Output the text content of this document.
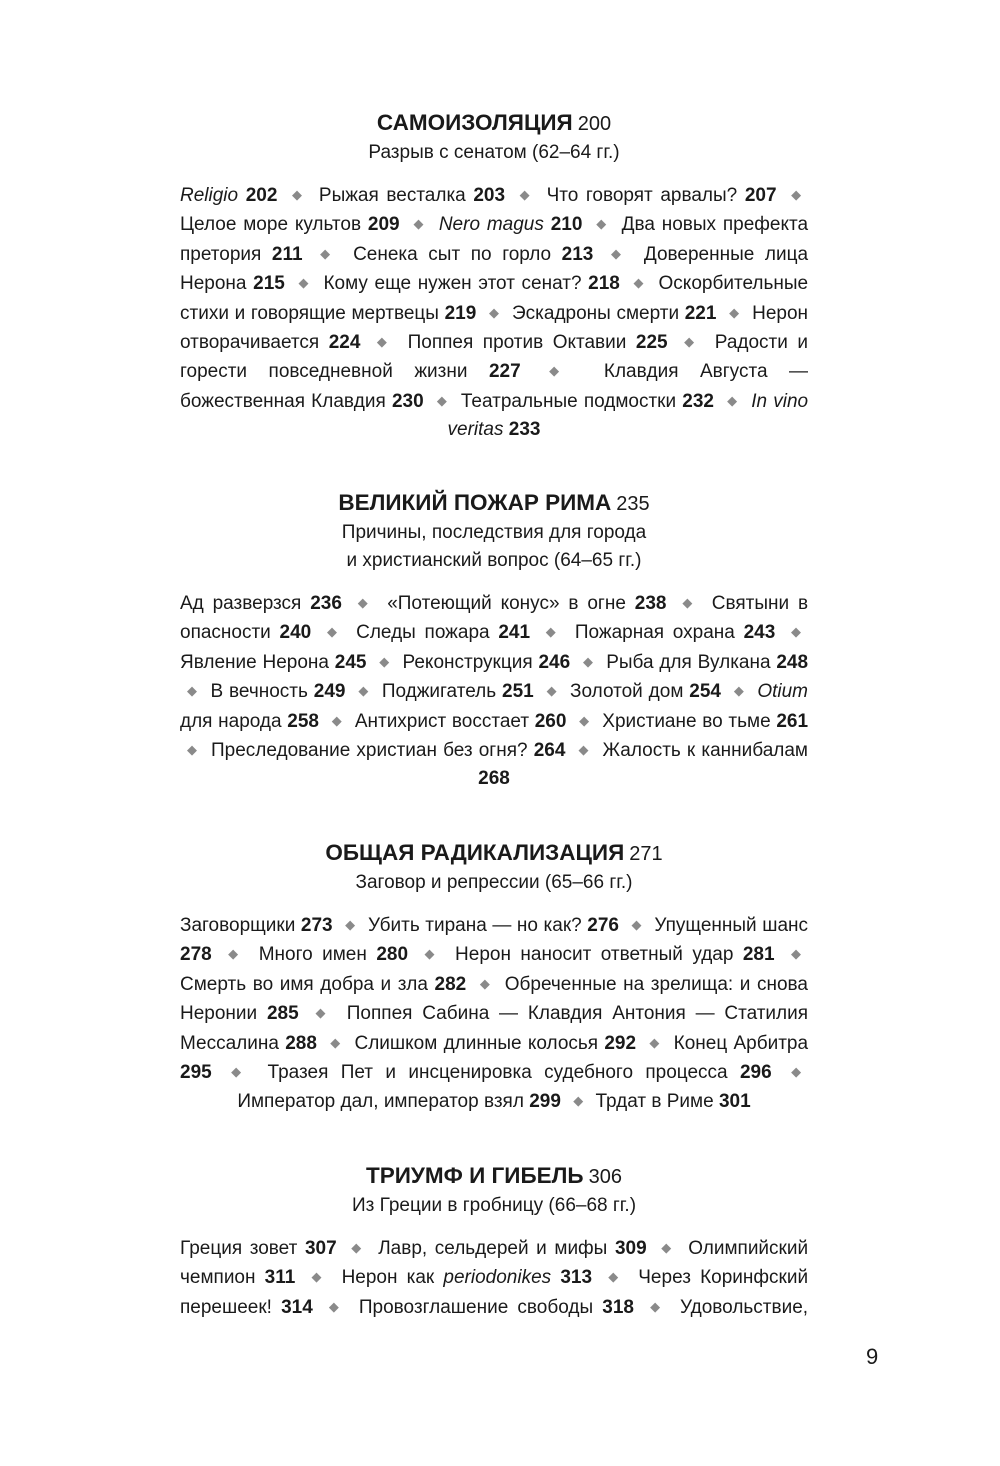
САМОИЗОЛЯЦИЯ 200
Разрыв с сенатом (62–64 гг.)
Religio 202 ◆ Рыжая весталка 203 ◆ Что говорят арвалы? 207 ◆ Целое море культов 209 ◆ Nero magus 210 ◆ Два новых префекта претория 211 ◆ Сенека сыт по горло 213 ◆ Доверенные лица Нерона 215 ◆ Кому еще нужен этот сенат? 218 ◆ Оскорбительные стихи и говорящие мертвецы 219 ◆ Эскадроны смерти 221 ◆ Нерон отворачивается 224 ◆ Поппея против Октавии 225 ◆ Радости и горести повседневной жизни 227 ◆ Клавдия Августа — божественная Клавдия 230 ◆ Театральные подмостки 232 ◆ In vino veritas 233
ВЕЛИКИЙ ПОЖАР РИМА 235
Причины, последствия для города
и христианский вопрос (64–65 гг.)
Ад разверзся 236 ◆ «Потеющий конус» в огне 238 ◆ Святыни в опасности 240 ◆ Следы пожара 241 ◆ Пожарная охрана 243 ◆ Явление Нерона 245 ◆ Реконструкция 246 ◆ Рыба для Вулкана 248 ◆ В вечность 249 ◆ Поджигатель 251 ◆ Золотой дом 254 ◆ Otium для народа 258 ◆ Антихрист восстает 260 ◆ Христиане во тьме 261 ◆ Преследование христиан без огня? 264 ◆ Жалость к каннибалам 268
ОБЩАЯ РАДИКАЛИЗАЦИЯ 271
Заговор и репрессии (65–66 гг.)
Заговорщики 273 ◆ Убить тирана — но как? 276 ◆ Упущенный шанс 278 ◆ Много имен 280 ◆ Нерон наносит ответный удар 281 ◆ Смерть во имя добра и зла 282 ◆ Обреченные на зрелища: и снова Неронии 285 ◆ Поппея Сабина — Клавдия Антония — Статилия Мессалина 288 ◆ Слишком длинные колосья 292 ◆ Конец Арбитра 295 ◆ Тразея Пет и инсценировка судебного процесса 296 ◆ Император дал, император взял 299 ◆ Трдат в Риме 301
ТРИУМФ И ГИБЕЛЬ 306
Из Греции в гробницу (66–68 гг.)
Греция зовет 307 ◆ Лавр, сельдерей и мифы 309 ◆ Олимпийский чемпион 311 ◆ Нерон как periodonikes 313 ◆ Через Коринфский перешеек! 314 ◆ Провозглашение свободы 318 ◆ Удовольствие,
9
